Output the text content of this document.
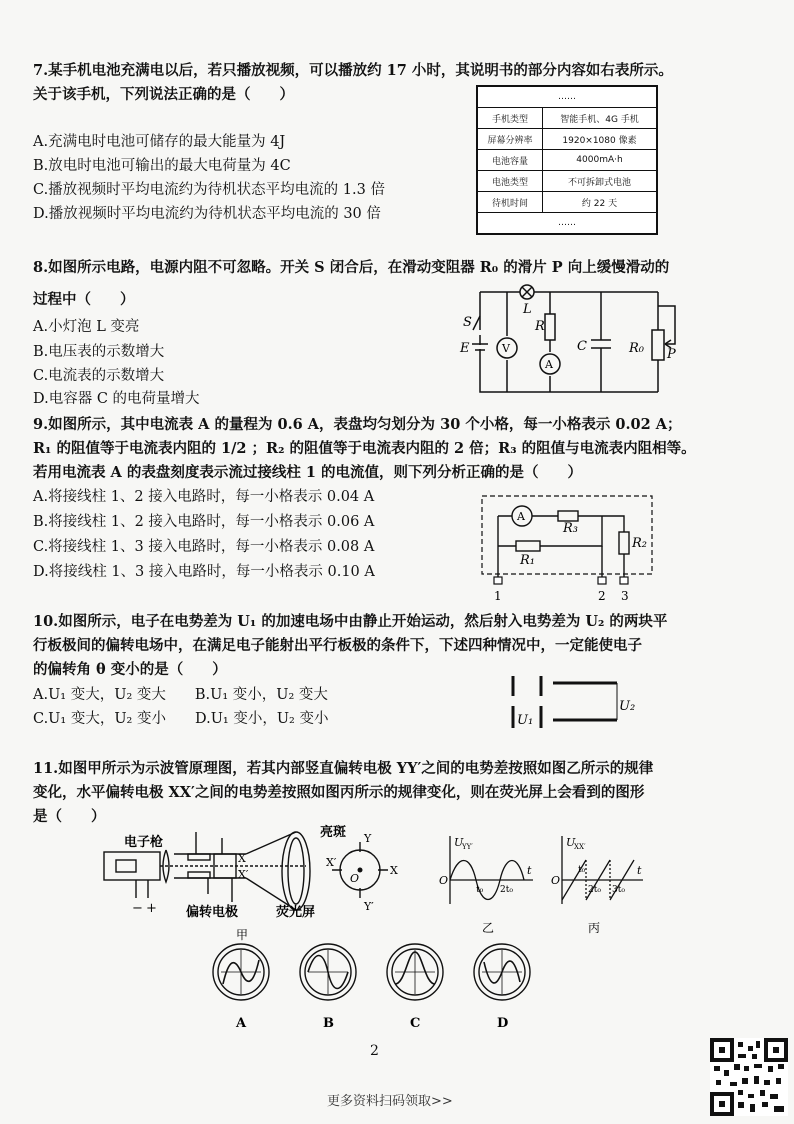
7.某手机电池充满电以后，若只播放视频，可以播放约 17 小时，其说明书的部分内容如右表所示。
关于该手机，下列说法正确的是（　　）
A.充满电时电池可储存的最大能量为 4J
B.放电时电池可输出的最大电荷量为 4C
C.播放视频时平均电流约为待机状态平均电流的 1.3 倍
D.播放视频时平均电流约为待机状态平均电流的 30 倍
……
手机类型	智能手机、4G 手机
屏幕分辨率	1920×1080 像素
电池容量	4000mA·h
电池类型	不可拆卸式电池
待机时间	约 22 天
……
8.如图所示电路，电源内阻不可忽略。开关 S 闭合后，在滑动变阻器 R₀ 的滑片 P 向上缓慢滑动的
过程中（　　）
A.小灯泡 L 变亮
B.电压表的示数增大
C.电流表的示数增大
D.电容器 C 的电荷量增大
S
E	V
L
R
A
C	R₀ P
9.如图所示，其中电流表 A 的量程为 0.6 A，表盘均匀划分为 30 个小格，每一小格表示 0.02 A；
R₁ 的阻值等于电流表内阻的 1/2 ；R₂ 的阻值等于电流表内阻的 2 倍；R₃ 的阻值与电流表内阻相等。
若用电流表 A 的表盘刻度表示流过接线柱 1 的电流值，则下列分析正确的是（　　）
A.将接线柱 1、2 接入电路时，每一小格表示 0.04 A
B.将接线柱 1、2 接入电路时，每一小格表示 0.06 A
C.将接线柱 1、3 接入电路时，每一小格表示 0.08 A
D.将接线柱 1、3 接入电路时，每一小格表示 0.10 A
A
R₃
R₁
R₂
1	2 3
10.如图所示，电子在电势差为 U₁ 的加速电场中由静止开始运动，然后射入电势差为 U₂ 的两块平
行板极间的偏转电场中，在满足电子能射出平行板极的条件下，下述四种情况中，一定能使电子
的偏转角 θ 变小的是（　　）
A.U₁ 变大，U₂ 变大　　B.U₁ 变小，U₂ 变大
C.U₁ 变大，U₂ 变小　　D.U₁ 变小，U₂ 变小	U₁
U₂
11.如图甲所示为示波管原理图，若其内部竖直偏转电极 YY′之间的电势差按照如图乙所示的规律
变化，水平偏转电极 XX′之间的电势差按照如图丙所示的规律变化，则在荧光屏上会看到的图形
是（　　）
电子枪
偏转电极	荧光屏
亮斑
X
X′
Y
Y′
X′
X
O
− +
甲
U
YY′
O
t
t₀ 2t₀
乙
U
XX′
O
t
t₀
2t₀ 3t₀
丙
A	B	C	D
2
更多资料扫码领取>>
